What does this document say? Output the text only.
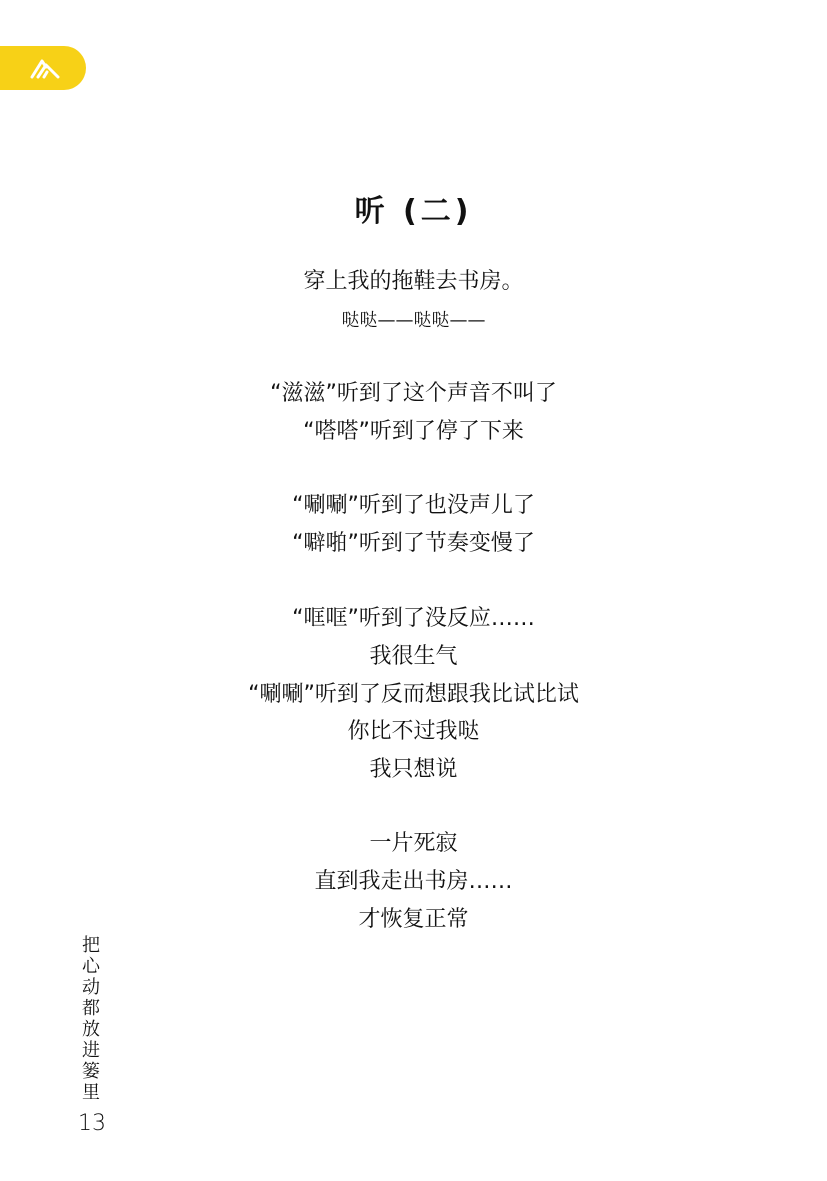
听 (二)

穿上我的拖鞋去书房。

哒哒——哒哒——

“滋滋”听到了这个声音不叫了

“嗒嗒”听到了停了下来

“唰唰”听到了也没声儿了

“噼啪”听到了节奏变慢了

“哐哐”听到了没反应……

我很生气

“唰唰”听到了反而想跟我比试比试

你比不过我哒

我只想说

一片死寂

直到我走出书房……

才恢复正常

把心动都放进篓里
13
